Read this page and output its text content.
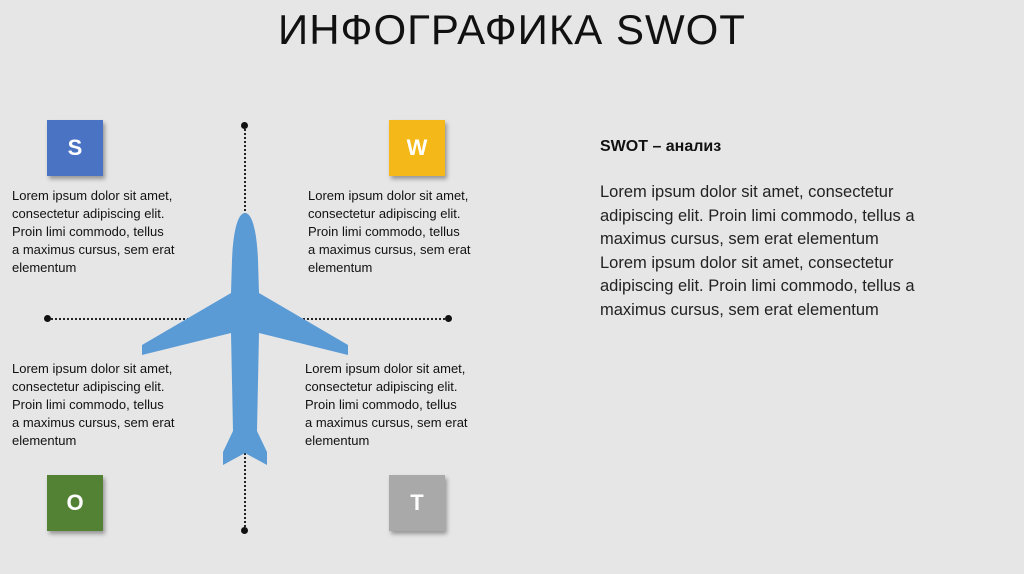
ИНФОГРАФИКА SWOT
S
Lorem ipsum dolor sit amet,
consectetur adipiscing elit.
Proin limi commodo, tellus
a maximus cursus, sem erat
elementum
W
Lorem ipsum dolor sit amet,
consectetur adipiscing elit.
Proin limi commodo, tellus
a maximus cursus, sem erat
elementum
Lorem ipsum dolor sit amet,
consectetur adipiscing elit.
Proin limi commodo, tellus
a maximus cursus, sem erat
elementum
O
Lorem ipsum dolor sit amet,
consectetur adipiscing elit.
Proin limi commodo, tellus
a maximus cursus, sem erat
elementum
T
SWOT – анализ
Lorem ipsum dolor sit amet, consectetur
adipiscing elit. Proin limi commodo, tellus a
maximus cursus, sem erat elementum
Lorem ipsum dolor sit amet, consectetur
adipiscing elit. Proin limi commodo, tellus a
maximus cursus, sem erat elementum
